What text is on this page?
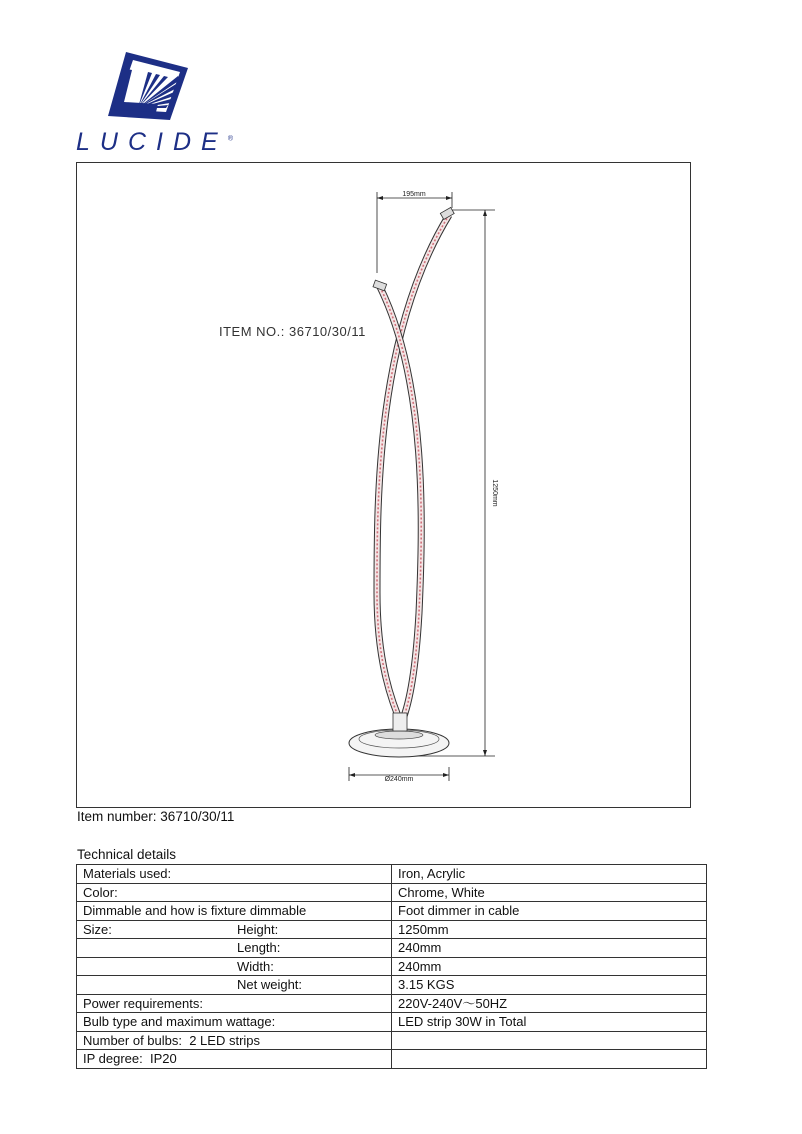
LUCIDE®
195mm
1250mm
Ø240mm
ITEM NO.: 36710/30/11
Item number: 36710/30/11
Technical details
Materials used:	Iron, Acrylic
Color:	Chrome, White
Dimmable and how is fixture dimmable	Foot dimmer in cable
Size: Height:	1250mm
Length:	240mm
Width:	240mm
Net weight:	3.15 KGS
Power requirements:	220V-240V～50HZ
Bulb type and maximum wattage:	LED strip 30W in Total
Number of bulbs:  2 LED strips	
IP degree:  IP20	
